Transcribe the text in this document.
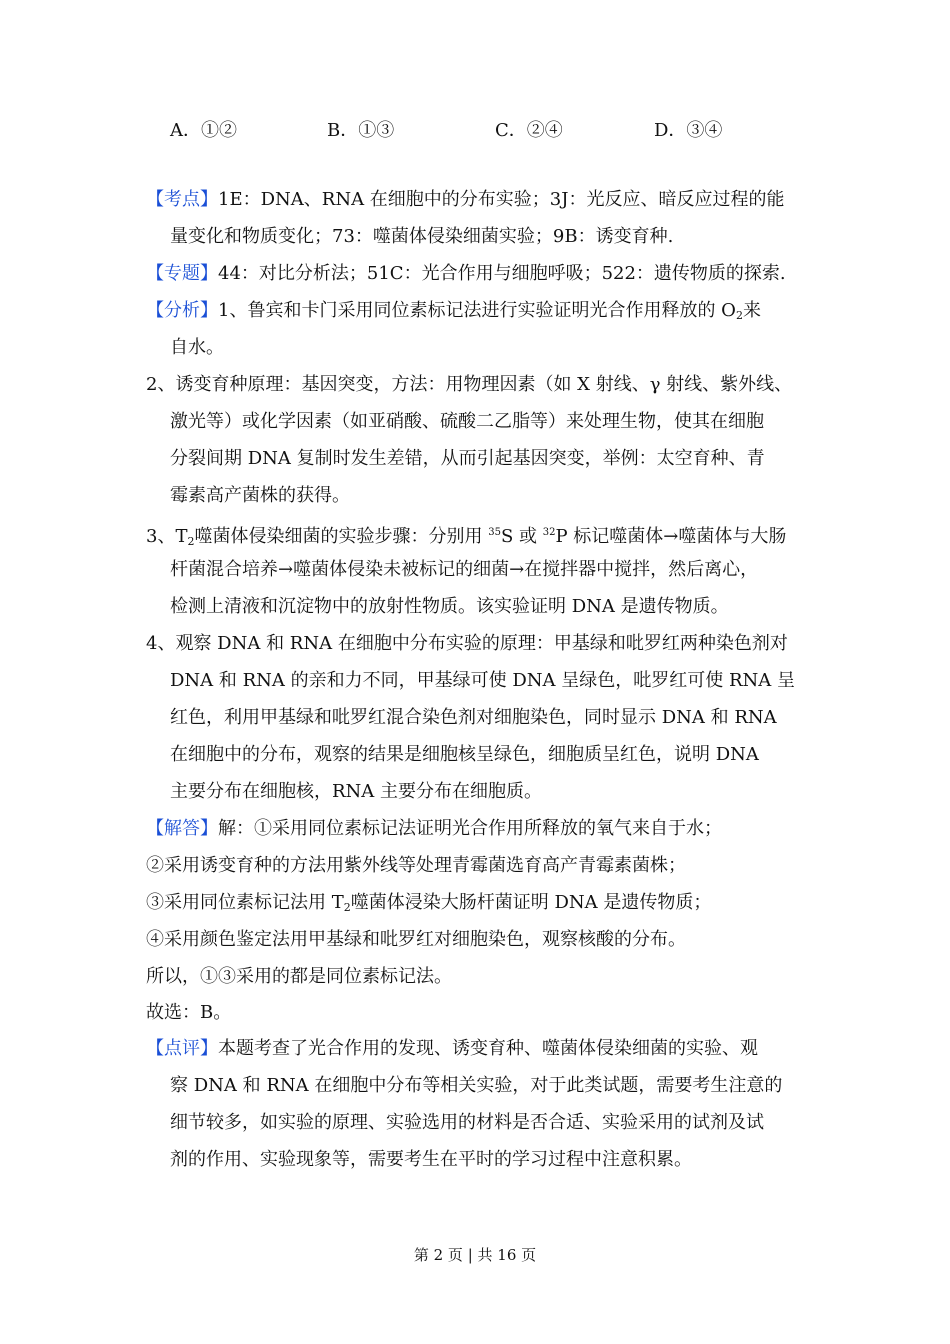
A．①②	B．①③	C．②④	D．③④
【考点】1E：DNA、RNA 在细胞中的分布实验；3J：光反应、暗反应过程的能
量变化和物质变化；73：噬菌体侵染细菌实验；9B：诱变育种.
【专题】44：对比分析法；51C：光合作用与细胞呼吸；522：遗传物质的探索.
【分析】1、鲁宾和卡门采用同位素标记法进行实验证明光合作用释放的 $O_2$来
自水。
2、诱变育种原理：基因突变，方法：用物理因素（如 X 射线、γ 射线、紫外线、
激光等）或化学因素（如亚硝酸、硫酸二乙脂等）来处理生物，使其在细胞
分裂间期 DNA 复制时发生差错，从而引起基因突变，举例：太空育种、青
霉素高产菌株的获得。
3、$T_2$噬菌体侵染细菌的实验步骤：分别用 $^{35}$S 或 $^{32}$P 标记噬菌体→噬菌体与大肠
杆菌混合培养→噬菌体侵染未被标记的细菌→在搅拌器中搅拌，然后离心，
检测上清液和沉淀物中的放射性物质。该实验证明 DNA 是遗传物质。
4、观察 DNA 和 RNA 在细胞中分布实验的原理：甲基绿和吡罗红两种染色剂对
DNA 和 RNA 的亲和力不同，甲基绿可使 DNA 呈绿色，吡罗红可使 RNA 呈
红色，利用甲基绿和吡罗红混合染色剂对细胞染色，同时显示 DNA 和 RNA
在细胞中的分布，观察的结果是细胞核呈绿色，细胞质呈红色，说明 DNA
主要分布在细胞核，RNA 主要分布在细胞质。
【解答】解：①采用同位素标记法证明光合作用所释放的氧气来自于水；
②采用诱变育种的方法用紫外线等处理青霉菌选育高产青霉素菌株；
③采用同位素标记法用 $T_2$噬菌体浸染大肠杆菌证明 DNA 是遗传物质；
④采用颜色鉴定法用甲基绿和吡罗红对细胞染色，观察核酸的分布。
所以，①③采用的都是同位素标记法。
故选：B。
【点评】本题考查了光合作用的发现、诱变育种、噬菌体侵染细菌的实验、观
察 DNA 和 RNA 在细胞中分布等相关实验，对于此类试题，需要考生注意的
细节较多，如实验的原理、实验选用的材料是否合适、实验采用的试剂及试
剂的作用、实验现象等，需要考生在平时的学习过程中注意积累。
第 2 页 | 共 16 页
